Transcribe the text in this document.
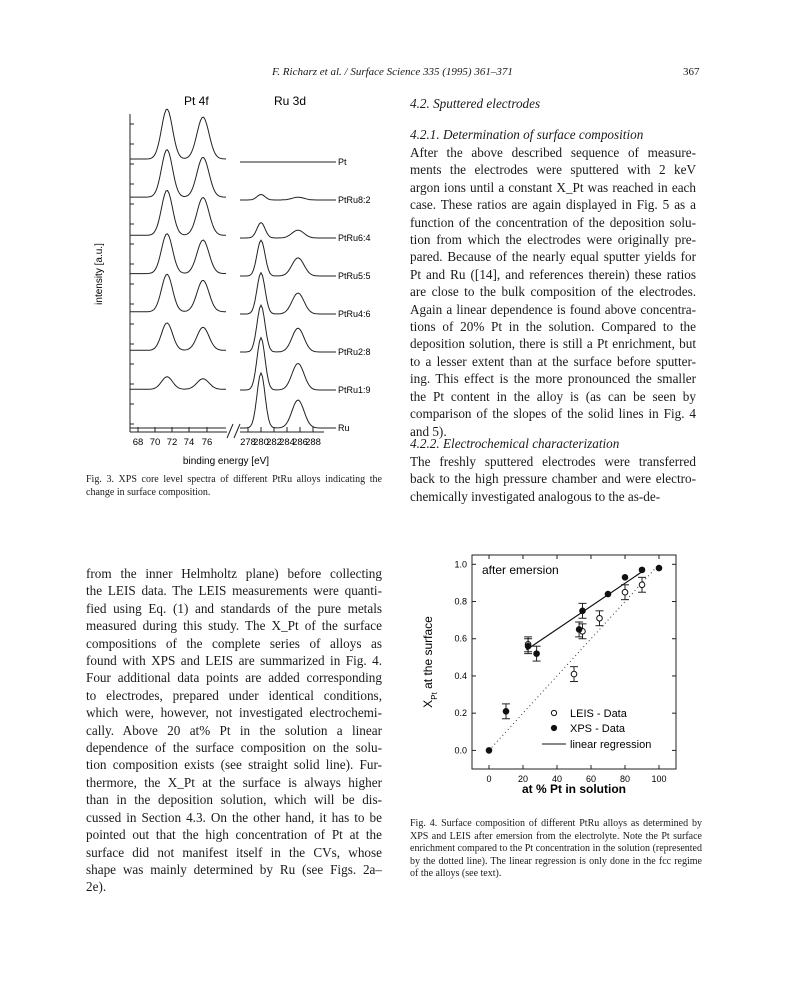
F. Richarz et al. / Surface Science 335 (1995) 361–371	367
Pt 4f	Ru 3d
intensity [a.u.]
Pt
PtRu8:2
PtRu6:4
PtRu5:5
PtRu4:6
PtRu2:8
PtRu1:9
Ru
68 70 72 74 76	278
280
282
284
286
288
binding energy [eV]
Fig. 3. XPS core level spectra of different PtRu alloys indicating the change in surface composition.
4.2. Sputtered electrodes
4.2.1. Determination of surface composition
After the above described sequence of measure-
ments the electrodes were sputtered with 2 keV
argon ions until a constant X_Pt was reached in each
case. These ratios are again displayed in Fig. 5 as a
function of the concentration of the deposition solu-
tion from which the electrodes were originally pre-
pared. Because of the nearly equal sputter yields for
Pt and Ru ([14], and references therein) these ratios
are close to the bulk composition of the electrodes.
Again a linear dependence is found above concentra-
tions of 20% Pt in the solution. Compared to the
deposition solution, there is still a Pt enrichment, but
to a lesser extent than at the surface before sputter-
ing. This effect is the more pronounced the smaller
the Pt content in the alloy is (as can be seen by
comparison of the slopes of the solid lines in Fig. 4
and 5).
4.2.2. Electrochemical characterization
The freshly sputtered electrodes were transferred
back to the high pressure chamber and were electro-
chemically investigated analogous to the as-de-
from the inner Helmholtz plane) before collecting
the LEIS data. The LEIS measurements were quanti-
fied using Eq. (1) and standards of the pure metals
measured during this study. The X_Pt of the surface
compositions of the complete series of alloys as
found with XPS and LEIS are summarized in Fig. 4.
Four additional data points are added corresponding
to electrodes, prepared under identical conditions,
which were, however, not investigated electrochemi-
cally. Above 20 at% Pt in the solution a linear
dependence of the surface composition on the solu-
tion composition exists (see straight solid line). Fur-
thermore, the X_Pt at the surface is always higher
than in the deposition solution, which will be dis-
cussed in Section 4.3. On the other hand, it has to be
pointed out that the high concentration of Pt at the
surface did not manifest itself in the CVs, whose
shape was mainly determined by Ru (see Figs. 2a–
2e).
after emersion
$X_{Pt}$ at the surface
at % Pt in solution
0	20	40	60	80 100
0.0
0.2
0.4
0.6
0.8
1.0
LEIS - Data
XPS - Data
linear regression
Fig. 4. Surface composition of different PtRu alloys as determined by XPS and LEIS after emersion from the electrolyte. Note the Pt surface enrichment compared to the Pt concentration in the solution (represented by the dotted line). The linear regression is only done in the fcc regime of the alloys (see text).
